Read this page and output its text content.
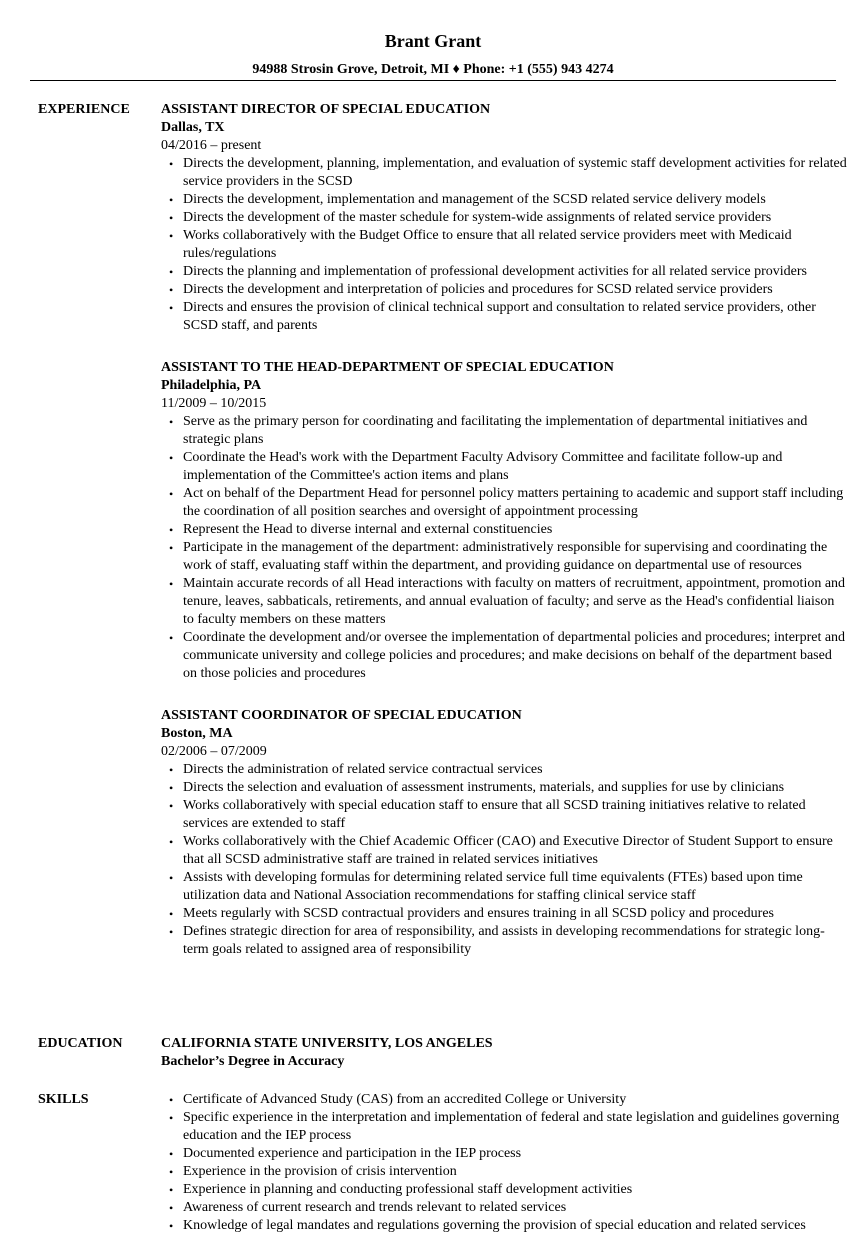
Brant Grant
94988 Strosin Grove, Detroit, MI ♦ Phone: +1 (555) 943 4274
EXPERIENCE	ASSISTANT DIRECTOR OF SPECIAL EDUCATION
Dallas, TX
04/2016 – present
• Directs the development, planning, implementation, and evaluation of systemic staff development activities for related service providers in the SCSD
• Directs the development, implementation and management of the SCSD related service delivery models
• Directs the development of the master schedule for system-wide assignments of related service providers
• Works collaboratively with the Budget Office to ensure that all related service providers meet with Medicaid rules/regulations
• Directs the planning and implementation of professional development activities for all related service providers
• Directs the development and interpretation of policies and procedures for SCSD related service providers
• Directs and ensures the provision of clinical technical support and consultation to related service providers, other SCSD staff, and parents
ASSISTANT TO THE HEAD-DEPARTMENT OF SPECIAL EDUCATION
Philadelphia, PA
11/2009 – 10/2015
• Serve as the primary person for coordinating and facilitating the implementation of departmental initiatives and strategic plans
• Coordinate the Head's work with the Department Faculty Advisory Committee and facilitate follow-up and implementation of the Committee's action items and plans
• Act on behalf of the Department Head for personnel policy matters pertaining to academic and support staff including the coordination of all position searches and oversight of appointment processing
• Represent the Head to diverse internal and external constituencies
• Participate in the management of the department: administratively responsible for supervising and coordinating the work of staff, evaluating staff within the department, and providing guidance on departmental use of resources
• Maintain accurate records of all Head interactions with faculty on matters of recruitment, appointment, promotion and tenure, leaves, sabbaticals, retirements, and annual evaluation of faculty; and serve as the Head's confidential liaison to faculty members on these matters
• Coordinate the development and/or oversee the implementation of departmental policies and procedures; interpret and communicate university and college policies and procedures; and make decisions on behalf of the department based on those policies and procedures
ASSISTANT COORDINATOR OF SPECIAL EDUCATION
Boston, MA
02/2006 – 07/2009
• Directs the administration of related service contractual services
• Directs the selection and evaluation of assessment instruments, materials, and supplies for use by clinicians
• Works collaboratively with special education staff to ensure that all SCSD training initiatives relative to related services are extended to staff
• Works collaboratively with the Chief Academic Officer (CAO) and Executive Director of Student Support to ensure that all SCSD administrative staff are trained in related services initiatives
• Assists with developing formulas for determining related service full time equivalents (FTEs) based upon time utilization data and National Association recommendations for staffing clinical service staff
• Meets regularly with SCSD contractual providers and ensures training in all SCSD policy and procedures
• Defines strategic direction for area of responsibility, and assists in developing recommendations for strategic long-term goals related to assigned area of responsibility
EDUCATION	CALIFORNIA STATE UNIVERSITY, LOS ANGELES
Bachelor’s Degree in Accuracy
SKILLS
•	Certificate of Advanced Study (CAS) from an accredited College or University
• Specific experience in the interpretation and implementation of federal and state legislation and guidelines governing education and the IEP process
• Documented experience and participation in the IEP process
• Experience in the provision of crisis intervention
• Experience in planning and conducting professional staff development activities
• Awareness of current research and trends relevant to related services
• Knowledge of legal mandates and regulations governing the provision of special education and related services
